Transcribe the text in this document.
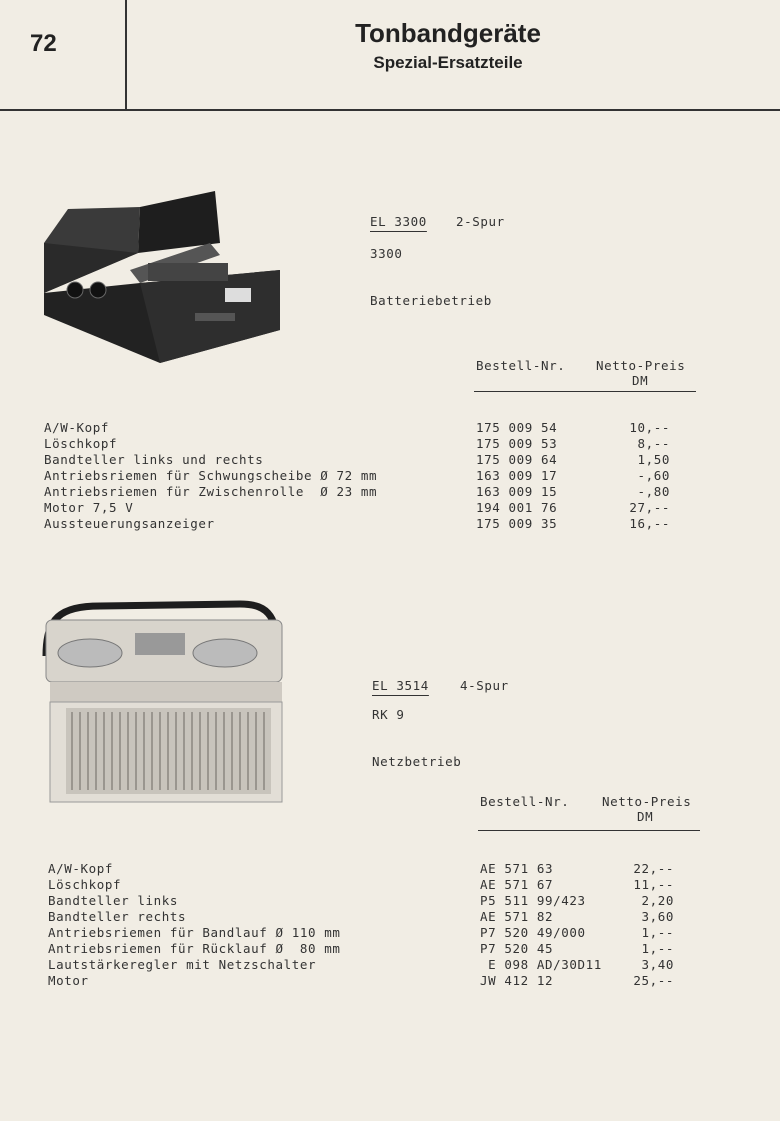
72	Tonbandgeräte
Spezial-Ersatzteile
EL 3300 2-Spur
3300
Batteriebetrieb
Bestell-Nr. Netto-Preis
DM
A/W-Kopf
Löschkopf
Bandteller links und rechts
Antriebsriemen für Schwungscheibe Ø 72 mm
Antriebsriemen für Zwischenrolle  Ø 23 mm
Motor 7,5 V
Aussteuerungsanzeiger
175 009 54
175 009 53
175 009 64
163 009 17
163 009 15
194 001 76
175 009 35
10,--
8,--
1,50
-,60
-,80
27,--
16,--
EL 3514 4-Spur
RK 9
Netzbetrieb
Bestell-Nr.	Netto-Preis
DM
A/W-Kopf
Löschkopf
Bandteller links
Bandteller rechts
Antriebsriemen für Bandlauf Ø 110 mm
Antriebsriemen für Rücklauf Ø  80 mm
Lautstärkeregler mit Netzschalter
Motor
AE 571 63
AE 571 67
P5 511 99/423
AE 571 82
P7 520 49/000
P7 520 45
E 098 AD/30D11
JW 412 12
22,--
11,--
2,20
3,60
1,--
1,--
3,40
25,--
